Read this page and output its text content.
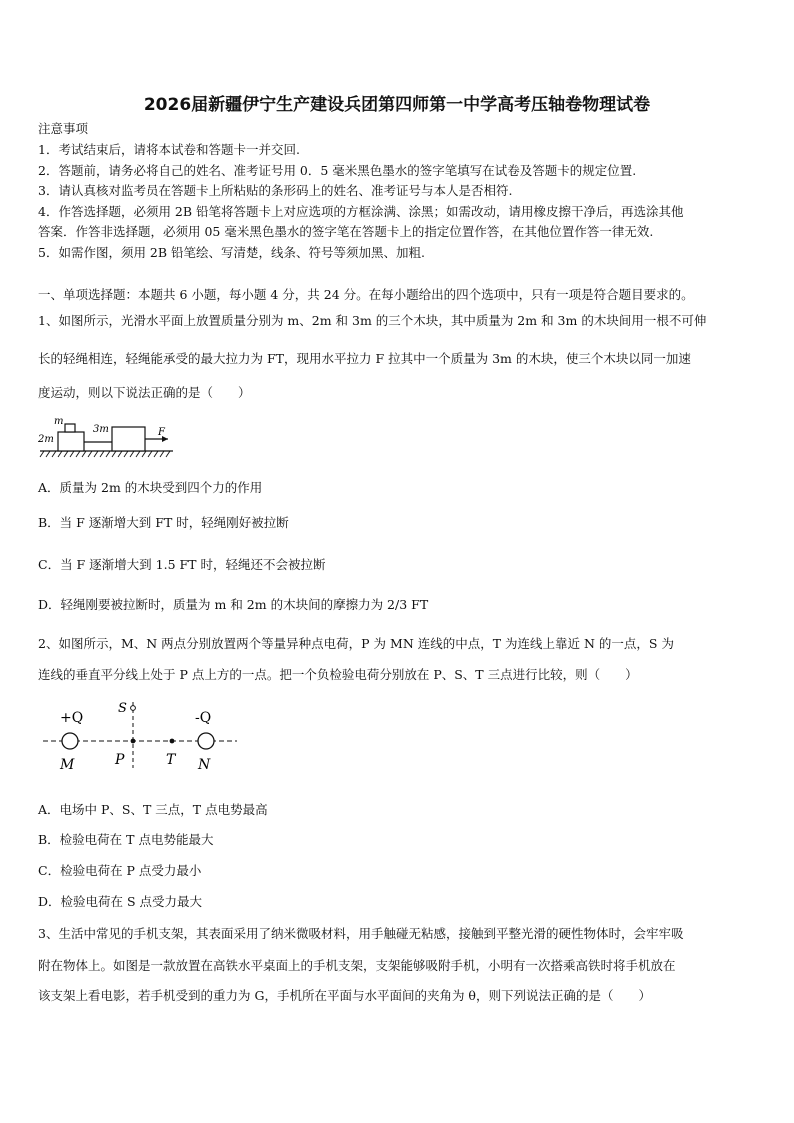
2026届新疆伊宁生产建设兵团第四师第一中学高考压轴卷物理试卷
注意事项
1．考试结束后，请将本试卷和答题卡一并交回.
2．答题前，请务必将自己的姓名、准考证号用 0．5 毫米黑色墨水的签字笔填写在试卷及答题卡的规定位置.
3．请认真核对监考员在答题卡上所粘贴的条形码上的姓名、准考证号与本人是否相符.
4．作答选择题，必须用 2B 铅笔将答题卡上对应选项的方框涂满、涂黑；如需改动，请用橡皮擦干净后，再选涂其他
答案．作答非选择题，必须用 05 毫米黑色墨水的签字笔在答题卡上的指定位置作答，在其他位置作答一律无效.
5．如需作图，须用 2B 铅笔绘、写清楚，线条、符号等须加黑、加粗.
一、单项选择题：本题共 6 小题，每小题 4 分，共 24 分。在每小题给出的四个选项中，只有一项是符合题目要求的。
1、如图所示，光滑水平面上放置质量分别为 m、2m 和 3m 的三个木块，其中质量为 2m 和 3m 的木块间用一根不可伸
长的轻绳相连，轻绳能承受的最大拉力为 FT，现用水平拉力 F 拉其中一个质量为 3m 的木块，使三个木块以同一加速
度运动，则以下说法正确的是（　　）
m
2m
3m	F
A．质量为 2m 的木块受到四个力的作用
B．当 F 逐渐增大到 FT 时，轻绳刚好被拉断
C．当 F 逐渐增大到 1.5 FT 时，轻绳还不会被拉断
D．轻绳刚要被拉断时，质量为 m 和 2m 的木块间的摩擦力为 2/3 FT
2、如图所示，M、N 两点分别放置两个等量异种点电荷，P 为 MN 连线的中点，T 为连线上靠近 N 的一点，S 为
连线的垂直平分线上处于 P 点上方的一点。把一个负检验电荷分别放在 P、S、T 三点进行比较，则（　　）
+Q	-Q
S
M	P	T N
A．电场中 P、S、T 三点，T 点电势最高
B．检验电荷在 T 点电势能最大
C．检验电荷在 P 点受力最小
D．检验电荷在 S 点受力最大
3、生活中常见的手机支架，其表面采用了纳米微吸材料，用手触碰无粘感，接触到平整光滑的硬性物体时，会牢牢吸
附在物体上。如图是一款放置在高铁水平桌面上的手机支架，支架能够吸附手机，小明有一次搭乘高铁时将手机放在
该支架上看电影，若手机受到的重力为 G，手机所在平面与水平面间的夹角为 θ，则下列说法正确的是（　　）
